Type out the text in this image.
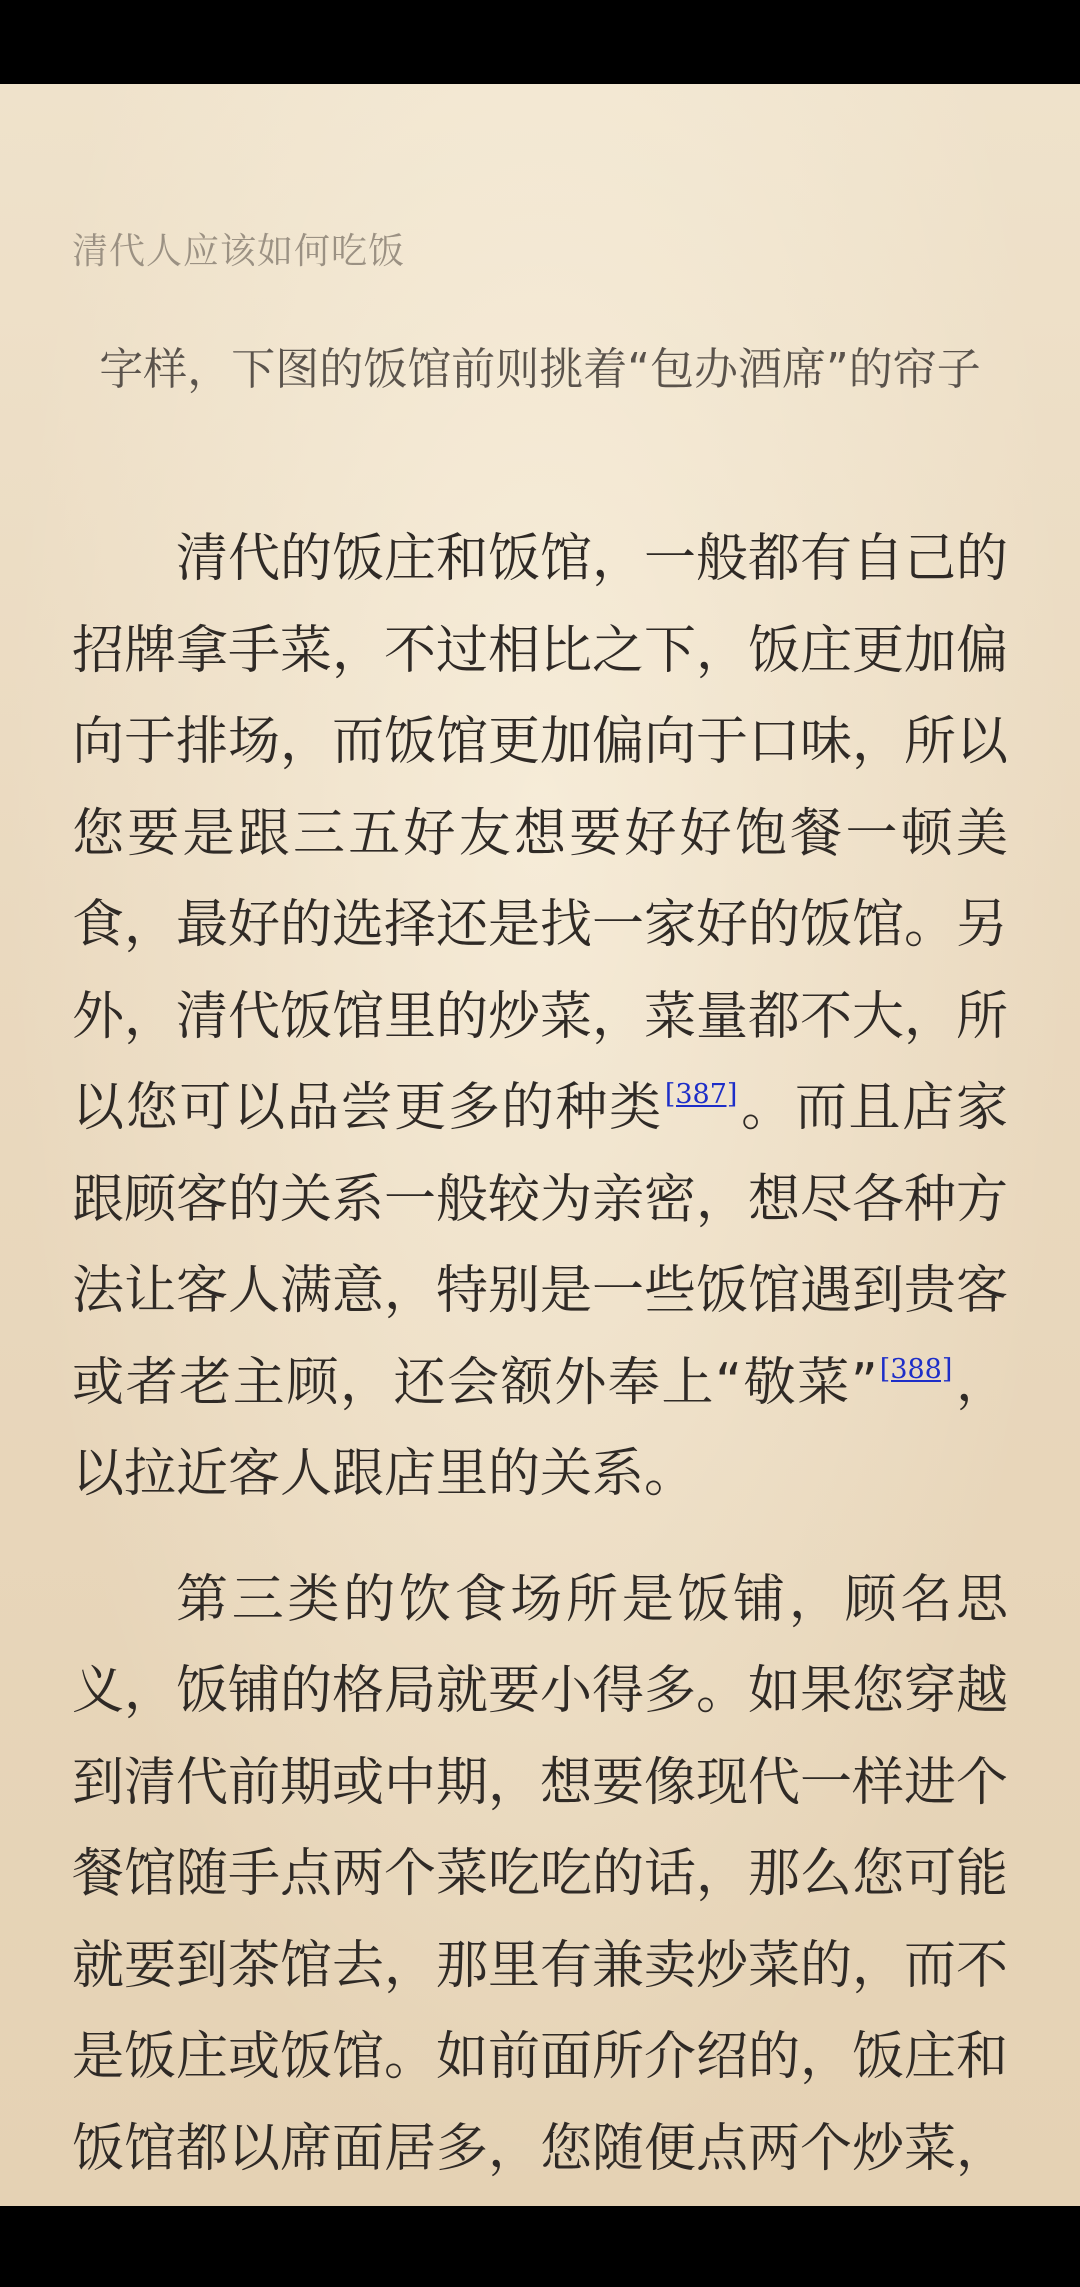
清代人应该如何吃饭
字样，下图的饭馆前则挑着“包办酒席”的帘子

清代的饭庄和饭馆，一般都有自己的招牌拿手菜，不过相比之下，饭庄更加偏向于排场，而饭馆更加偏向于口味，所以您要是跟三五好友想要好好饱餐一顿美食，最好的选择还是找一家好的饭馆。另外，清代饭馆里的炒菜，菜量都不大，所以您可以品尝更多的种类[387]。而且店家跟顾客的关系一般较为亲密，想尽各种方法让客人满意，特别是一些饭馆遇到贵客或者老主顾，还会额外奉上“敬菜”[388]，以拉近客人跟店里的关系。

第三类的饮食场所是饭铺，顾名思义，饭铺的格局就要小得多。如果您穿越到清代前期或中期，想要像现代一样进个餐馆随手点两个菜吃吃的话，那么您可能就要到茶馆去，那里有兼卖炒菜的，而不是饭庄或饭馆。如前面所介绍的，饭庄和饭馆都以席面居多，您随便点两个炒菜，
